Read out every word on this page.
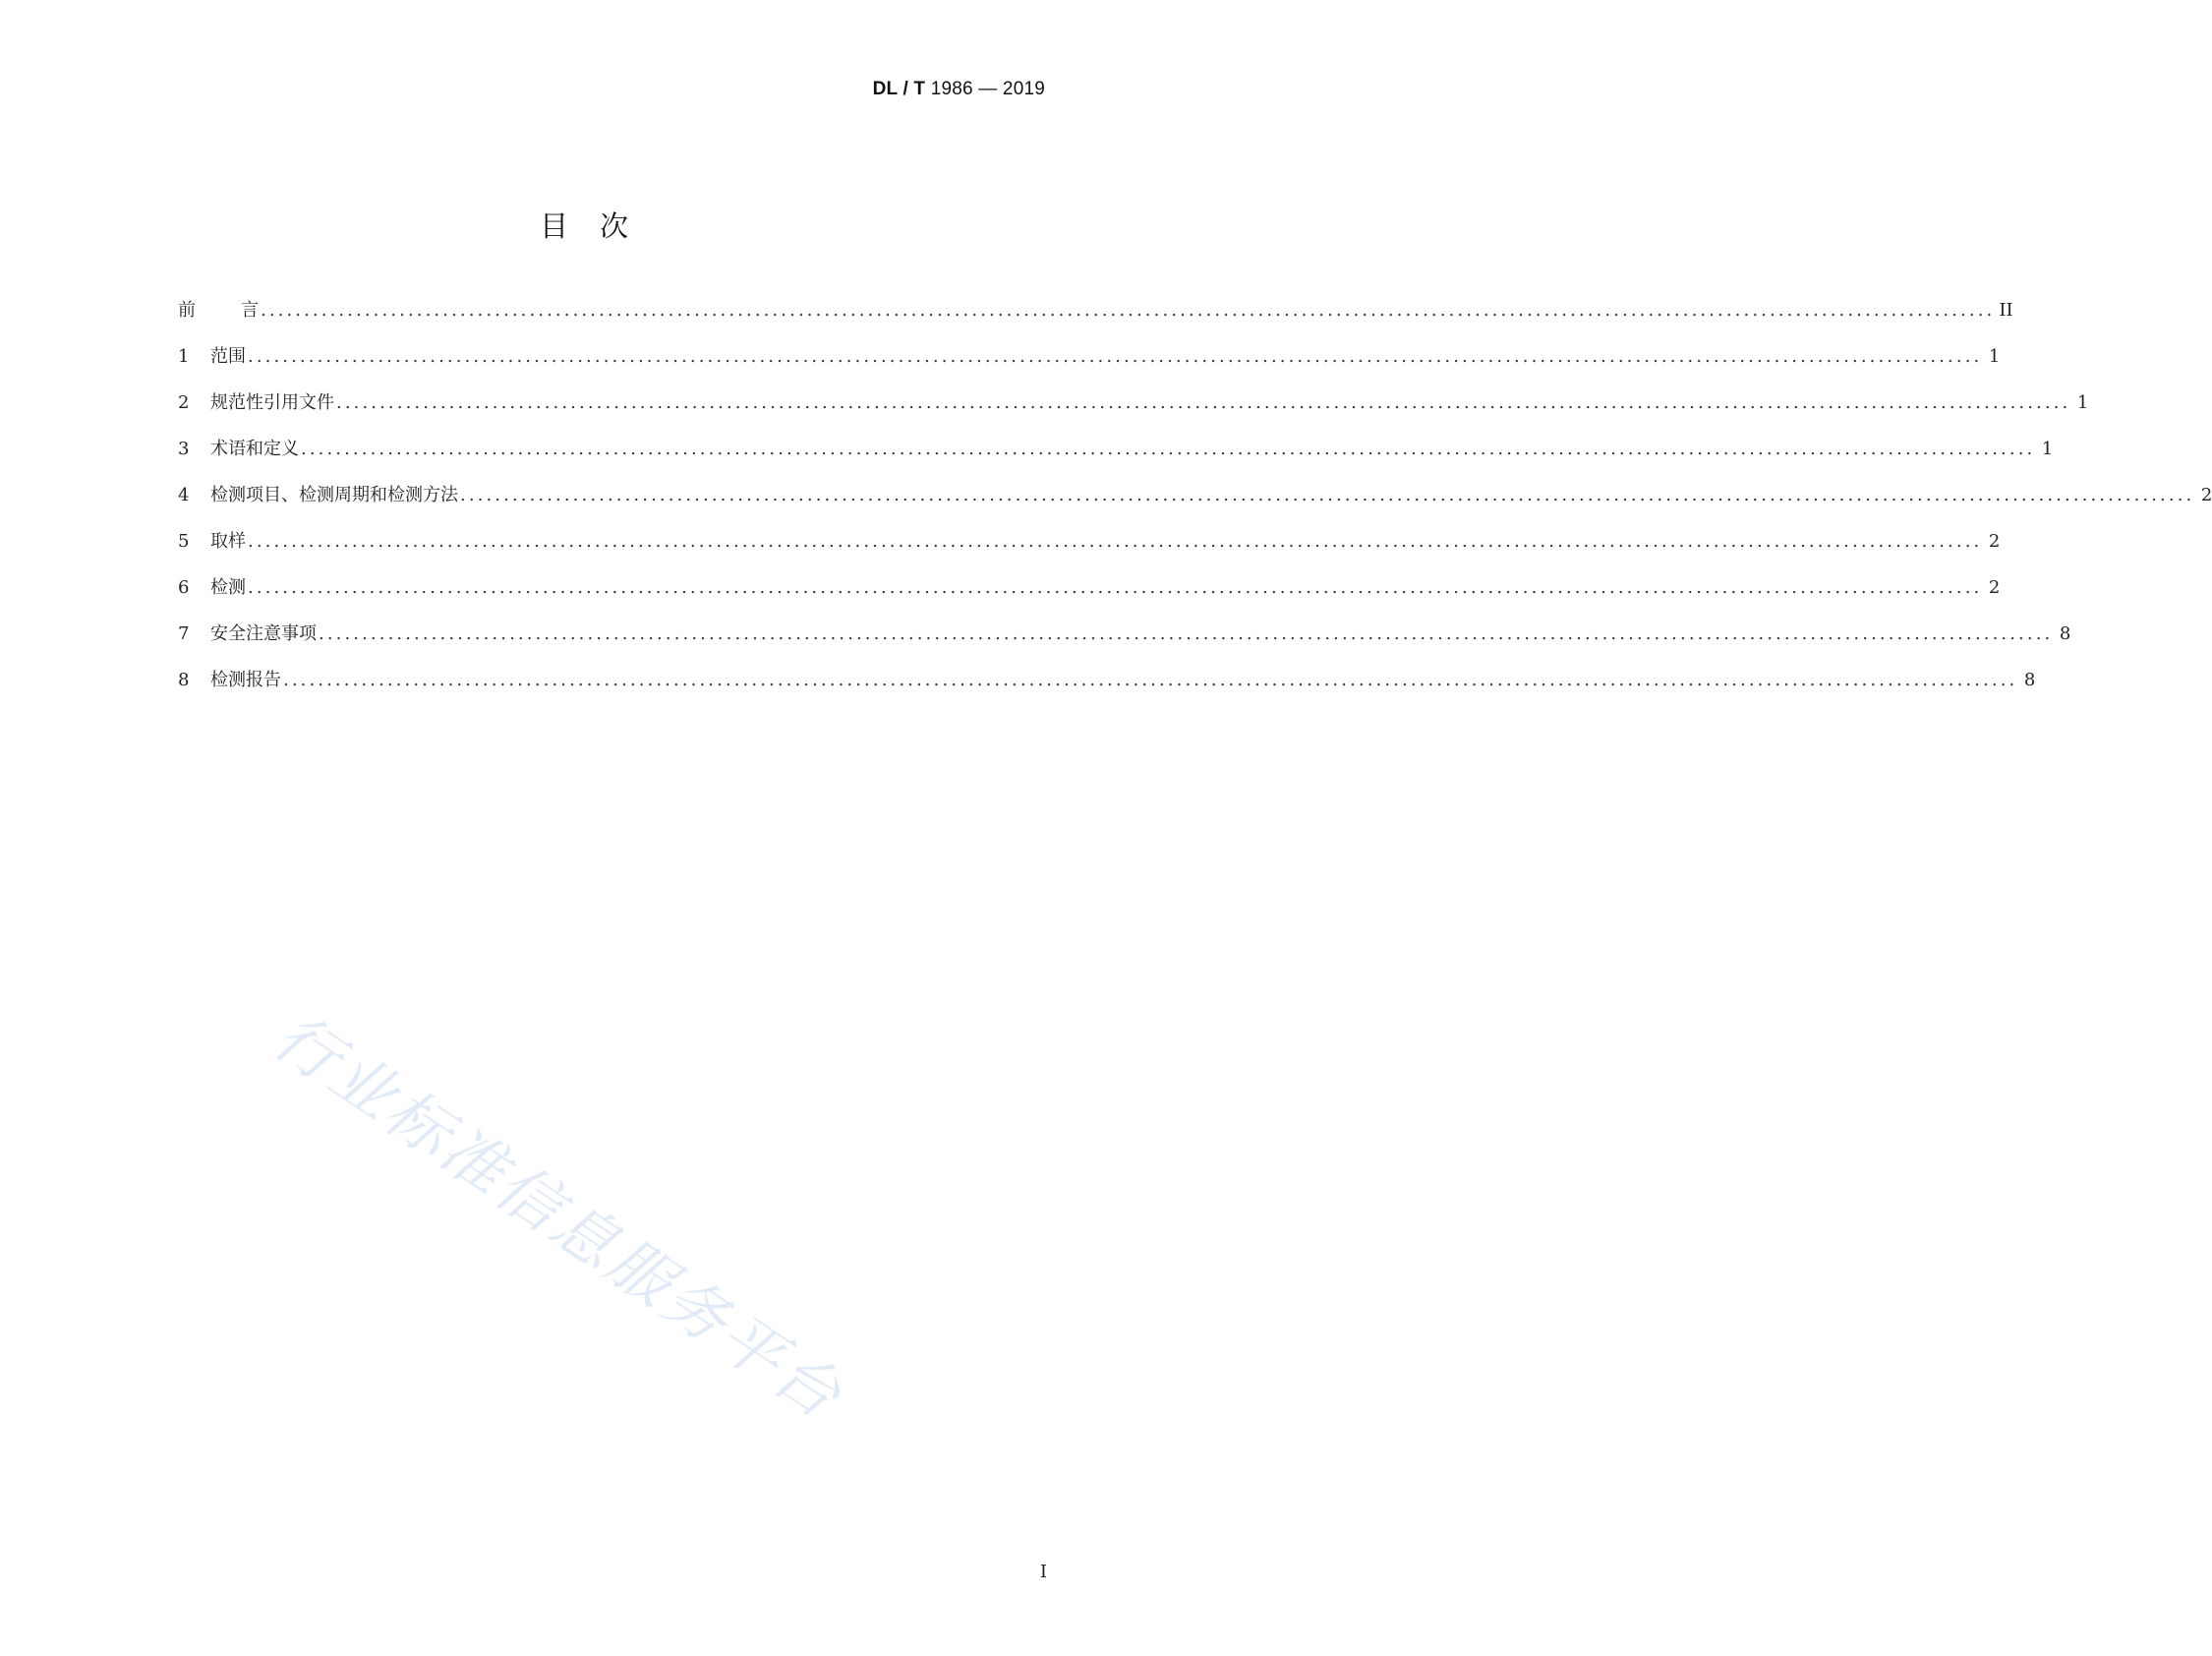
DL / T 1986 — 2019
目 次
前	言 ........................................................................................................................................................................................................ II
1	范围 ........................................................................................................................................................................................................ 1
2	规范性引用文件 ........................................................................................................................................................................................................ 1
3	术语和定义 ........................................................................................................................................................................................................ 1
4	检测项目、检测周期和检测方法 ........................................................................................................................................................................................................ 2
5	取样 ........................................................................................................................................................................................................ 2
6	检测 ........................................................................................................................................................................................................ 2
7	安全注意事项 ........................................................................................................................................................................................................ 8
8	检测报告 ........................................................................................................................................................................................................ 8
行业标准信息服务平台
I
